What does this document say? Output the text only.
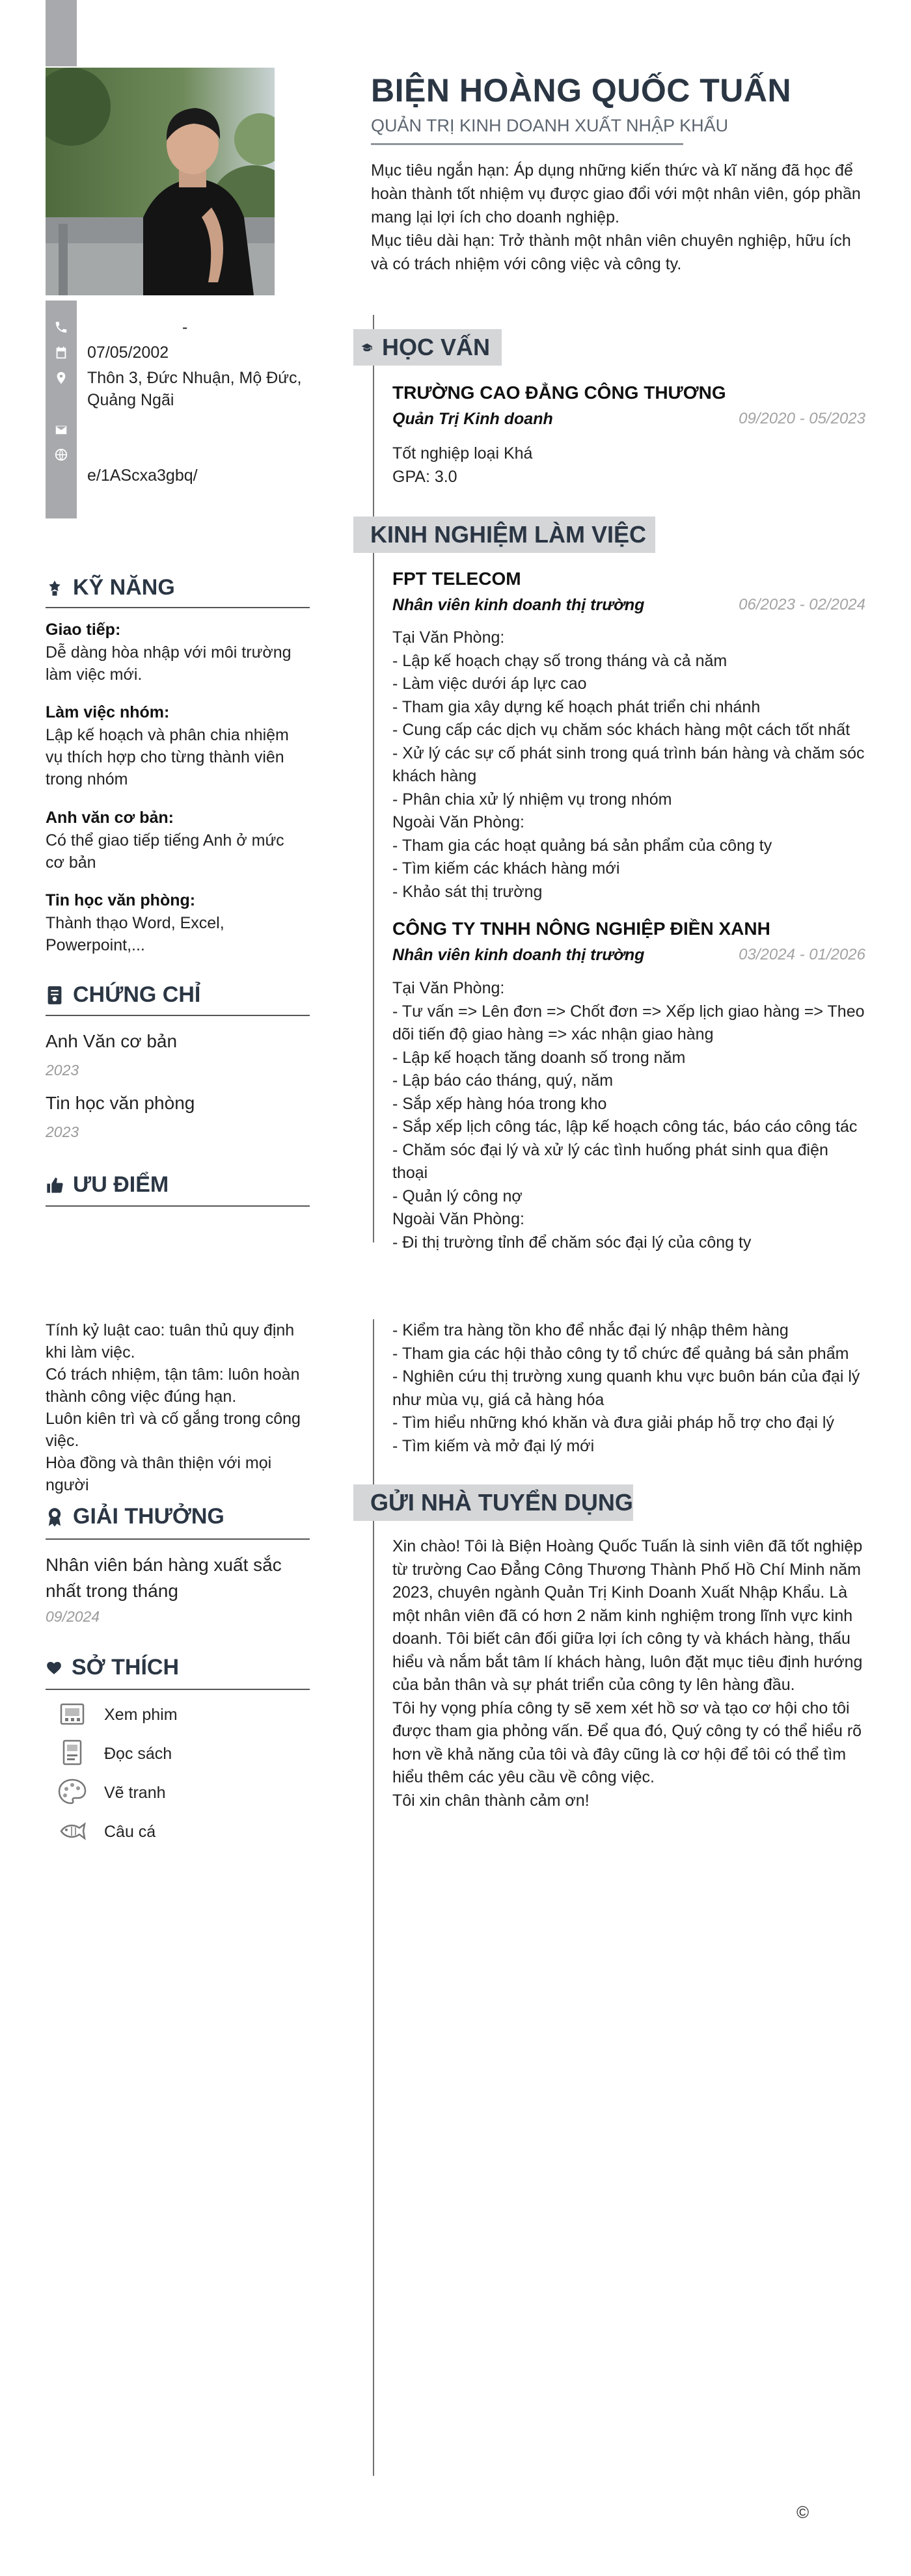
BIỆN HOÀNG QUỐC TUẤN
QUẢN TRỊ KINH DOANH XUẤT NHẬP KHẨU

Mục tiêu ngắn hạn: Áp dụng những kiến thức và kĩ năng đã học để hoàn thành tốt nhiệm vụ được giao đổi với một nhân viên, góp phần mang lại lợi ích cho doanh nghiệp.

Mục tiêu dài hạn: Trở thành một nhân viên chuyên nghiệp, hữu ích và có trách nhiệm với công việc và công ty.

-
07/05/2002
Thôn 3, Đức Nhuận, Mộ Đức, Quảng Ngãi
e/1AScxa3gbq/
KỸ NĂNG
Giao tiếp:
Dễ dàng hòa nhập với môi trường làm việc mới.
Làm việc nhóm:
Lập kế hoạch và phân chia nhiệm vụ thích hợp cho từng thành viên trong nhóm
Anh văn cơ bản:
Có thể giao tiếp tiếng Anh ở mức cơ bản
Tin học văn phòng:
Thành thạo Word, Excel, Powerpoint,...
CHỨNG CHỈ
Anh Văn cơ bản
2023
Tin học văn phòng
2023
ƯU ĐIỂM
Tính kỷ luật cao: tuân thủ quy định khi làm việc.
Có trách nhiệm, tận tâm: luôn hoàn thành công việc đúng hạn.
Luôn kiên trì và cố gắng trong công việc.
Hòa đồng và thân thiện với mọi người
GIẢI THƯỞNG
Nhân viên bán hàng xuất sắc nhất trong tháng
09/2024
SỞ THÍCH
Xem phim
Đọc sách
Vẽ tranh
Câu cá
HỌC VẤN
TRƯỜNG CAO ĐẲNG CÔNG THƯƠNG
Quản Trị Kinh doanh	09/2020 - 05/2023
Tốt nghiệp loại Khá
GPA: 3.0
KINH NGHIỆM LÀM VIỆC
FPT TELECOM
Nhân viên kinh doanh thị trường	06/2023 - 02/2024
Tại Văn Phòng:
- Lập kế hoạch chạy số trong tháng và cả năm
- Làm việc dưới áp lực cao
- Tham gia xây dựng kế hoạch phát triển chi nhánh
- Cung cấp các dịch vụ chăm sóc khách hàng một cách tốt nhất
- Xử lý các sự cố phát sinh trong quá trình bán hàng và chăm sóc khách hàng
- Phân chia xử lý nhiệm vụ trong nhóm
Ngoài Văn Phòng:
- Tham gia các hoạt quảng bá sản phẩm của công ty
- Tìm kiếm các khách hàng mới
- Khảo sát thị trường
CÔNG TY TNHH NÔNG NGHIỆP ĐIỀN XANH
Nhân viên kinh doanh thị trường	03/2024 - 01/2026
Tại Văn Phòng:
- Tư vấn => Lên đơn => Chốt đơn => Xếp lịch giao hàng => Theo dõi tiến độ giao hàng => xác nhận giao hàng
- Lập kế hoạch tăng doanh số trong năm
- Lập báo cáo tháng, quý, năm
- Sắp xếp hàng hóa trong kho
- Sắp xếp lịch công tác, lập kế hoạch công tác, báo cáo công tác
- Chăm sóc đại lý và xử lý các tình huống phát sinh qua điện thoại
- Quản lý công nợ
Ngoài Văn Phòng:
- Đi thị trường tỉnh để chăm sóc đại lý của công ty
- Kiểm tra hàng tồn kho để nhắc đại lý nhập thêm hàng
- Tham gia các hội thảo công ty tổ chức để quảng bá sản phẩm
- Nghiên cứu thị trường xung quanh khu vực buôn bán của đại lý như mùa vụ, giá cả hàng hóa
- Tìm hiểu những khó khăn và đưa giải pháp hỗ trợ cho đại lý
- Tìm kiếm và mở đại lý mới
GỬI NHÀ TUYỂN DỤNG
Xin chào! Tôi là Biện Hoàng Quốc Tuấn là sinh viên đã tốt nghiệp từ trường Cao Đẳng Công Thương Thành Phố Hồ Chí Minh năm 2023, chuyên ngành Quản Trị Kinh Doanh Xuất Nhập Khẩu. Là một nhân viên đã có hơn 2 năm kinh nghiệm trong lĩnh vực kinh doanh. Tôi biết cân đối giữa lợi ích công ty và khách hàng, thấu hiểu và nắm bắt tâm lí khách hàng, luôn đặt mục tiêu định hướng của bản thân và sự phát triển của công ty lên hàng đầu.
Tôi hy vọng phía công ty sẽ xem xét hồ sơ và tạo cơ hội cho tôi được tham gia phỏng vấn. Để qua đó, Quý công ty có thể hiểu rõ hơn về khả năng của tôi và đây cũng là cơ hội để tôi có thể tìm hiểu thêm các yêu cầu về công việc.
Tôi xin chân thành cảm ơn!
©
